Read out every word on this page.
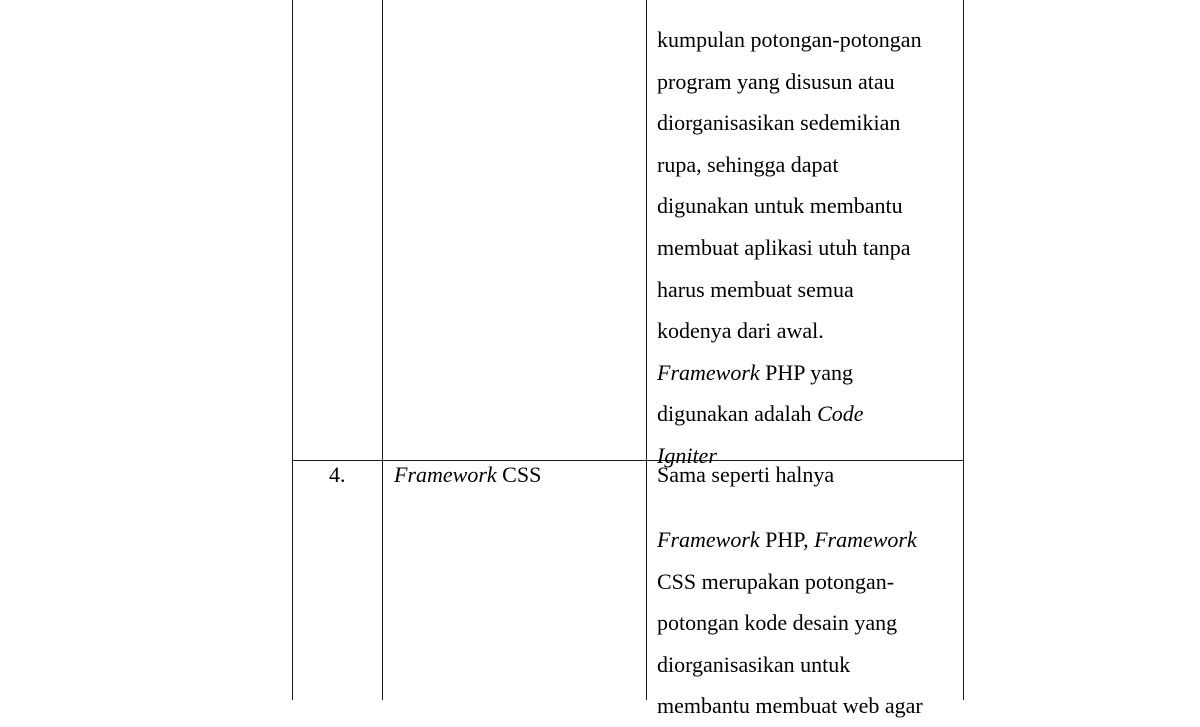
kumpulan potongan-potongan
program yang disusun atau
diorganisasikan sedemikian
rupa, sehingga dapat
digunakan untuk membantu
membuat aplikasi utuh tanpa
harus membuat semua
kodenya dari awal.
Framework PHP yang
digunakan adalah Code
Igniter
4. Framework CSS	Sama seperti halnya
Framework PHP, Framework
CSS merupakan potongan-
potongan kode desain yang
diorganisasikan untuk
membantu membuat web agar
